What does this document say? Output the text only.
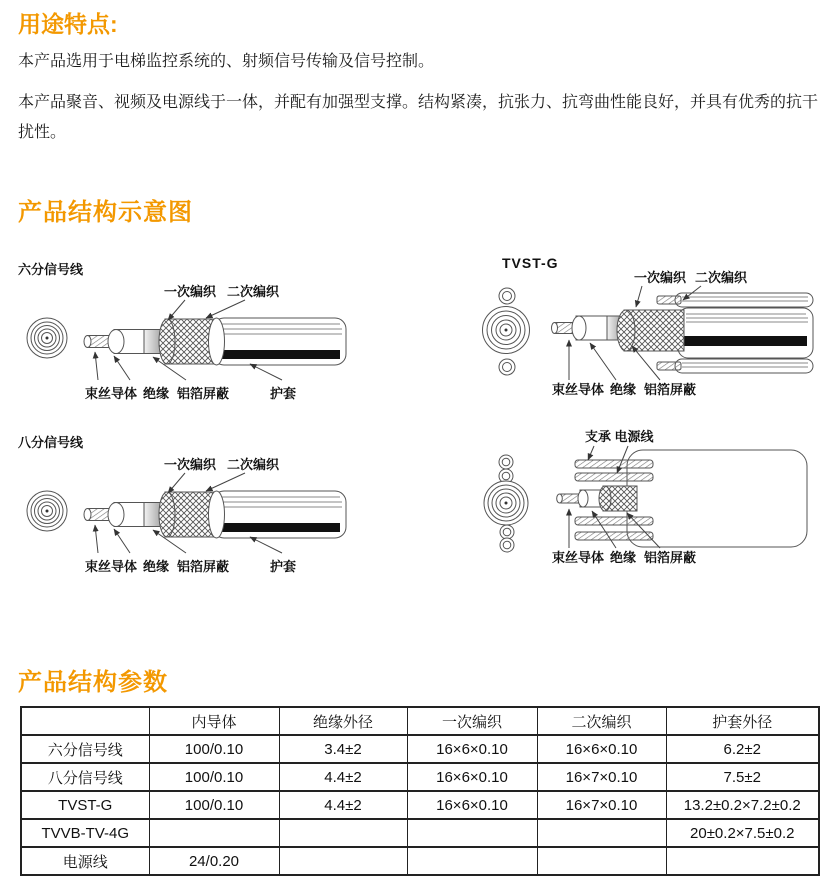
用途特点:

本产品选用于电梯监控系统的、射频信号传输及信号控制。

本产品聚音、视频及电源线于一体，并配有加强型支撑。结构紧凑，抗张力、抗弯曲性能良好，并具有优秀的抗干扰性。

产品结构示意图
六分信号线
一次编织 二次编织
束丝导体 绝缘 铝箔屏蔽	护套
TVST-G
一次编织 二次编织
束丝导体 绝缘 铝箔屏蔽
八分信号线
一次编织 二次编织
束丝导体 绝缘 铝箔屏蔽	护套
支承 电源线
束丝导体 绝缘 铝箔屏蔽
产品结构参数
	内导体	绝缘外径	一次编织	二次编织	护套外径
六分信号线	100/0.10	3.4±2	16×6×0.10	16×6×0.10	6.2±2
八分信号线	100/0.10	4.4±2	16×6×0.10	16×7×0.10	7.5±2
TVST-G	100/0.10	4.4±2	16×6×0.10	16×7×0.10	13.2±0.2×7.2±0.2
TVVB-TV-4G					20±0.2×7.5±0.2
电源线	24/0.20				
